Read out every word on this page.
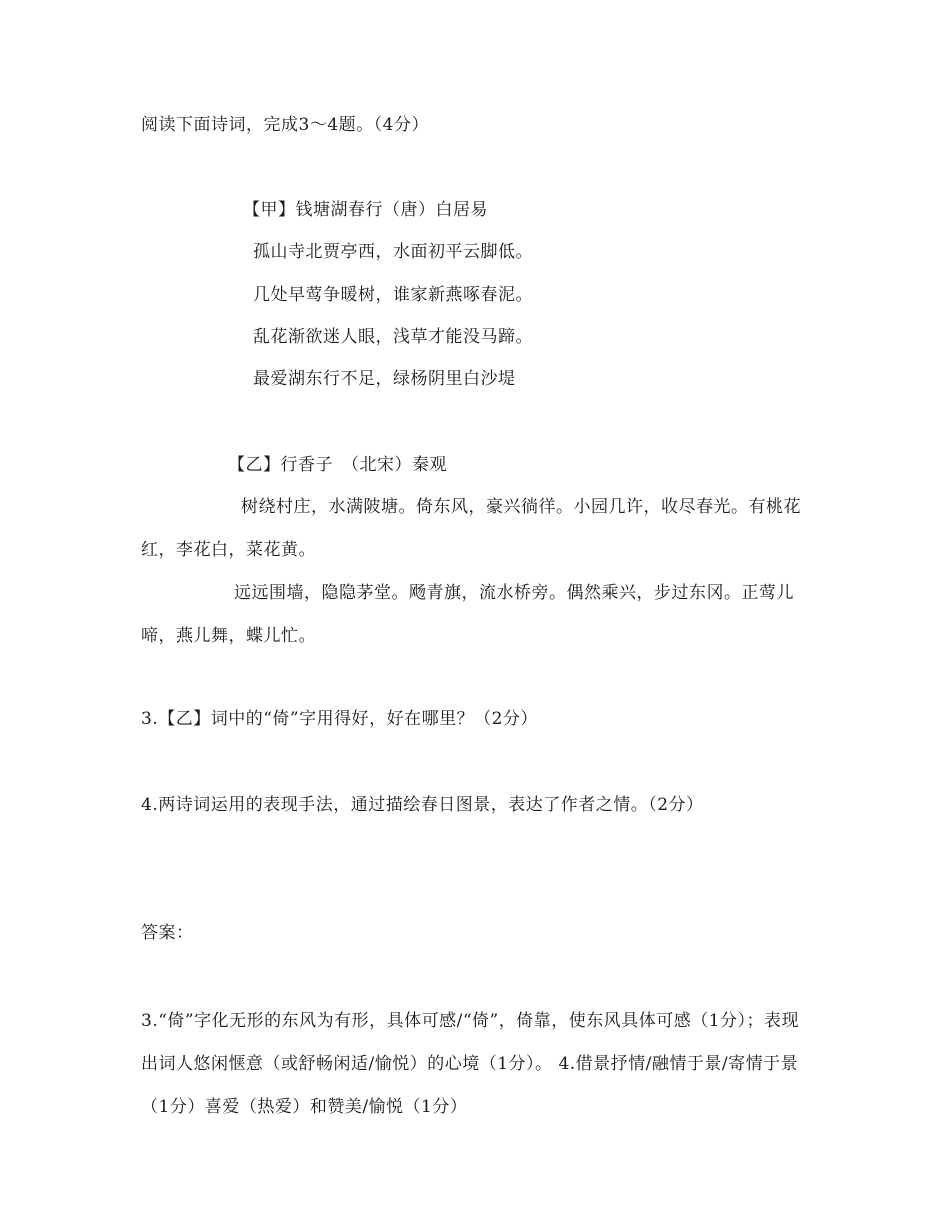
阅读下面诗词，完成3～4题。（4分）
【甲】钱塘湖春行（唐）白居易
孤山寺北贾亭西，水面初平云脚低。
几处早莺争暖树，谁家新燕啄春泥。
乱花渐欲迷人眼，浅草才能没马蹄。
最爱湖东行不足，绿杨阴里白沙堤
【乙】行香子　（北宋）秦观
树绕村庄，水满陂塘。倚东风，豪兴徜徉。小园几许，收尽春光。有桃花红，李花白，菜花黄。
远远围墙，隐隐茅堂。飏青旗，流水桥旁。偶然乘兴，步过东冈。正莺儿啼，燕儿舞，蝶儿忙。
3.【乙】词中的“倚”字用得好，好在哪里？（2分）
4.两诗词运用的表现手法，通过描绘春日图景，表达了作者之情。（2分）
答案：
3.“倚”字化无形的东风为有形，具体可感/“倚”，倚靠，使东风具体可感（1分）；表现出词人悠闲惬意（或舒畅闲适/愉悦）的心境（1分）。 4.借景抒情/融情于景/寄情于景（1分）喜爱（热爱）和赞美/愉悦（1分）
